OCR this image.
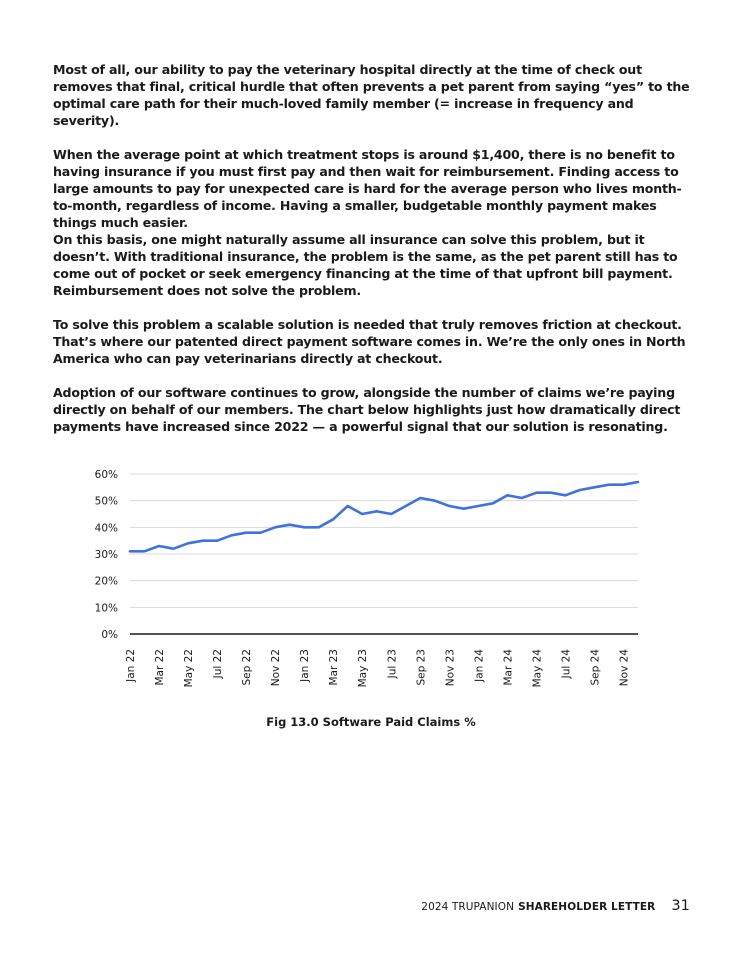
Most of all, our ability to pay the veterinary hospital directly at the time of check out removes that final, critical hurdle that often prevents a pet parent from saying “yes” to the optimal care path for their much-loved family member (= increase in frequency and severity).

When the average point at which treatment stops is around $1,400, there is no benefit to having insurance if you must first pay and then wait for reimbursement. Finding access to large amounts to pay for unexpected care is hard for the average person who lives month-to-month, regardless of income. Having a smaller, budgetable monthly payment makes things much easier.

On this basis, one might naturally assume all insurance can solve this problem, but it doesn’t. With traditional insurance, the problem is the same, as the pet parent still has to come out of pocket or seek emergency financing at the time of that upfront bill payment. Reimbursement does not solve the problem.

To solve this problem a scalable solution is needed that truly removes friction at checkout. That’s where our patented direct payment software comes in. We’re the only ones in North America who can pay veterinarians directly at checkout.

Adoption of our software continues to grow, alongside the number of claims we’re paying directly on behalf of our members. The chart below highlights just how dramatically direct payments have increased since 2022 — a powerful signal that our solution is resonating.

0%
10%
20%
30%
40%
50%
60%
Jan 22 Mar 22 May 22 Jul 22 Sep 22 Nov 22 Jan 23 Mar 23 May 23 Jul 23 Sep 23 Nov 23 Jan 24 Mar 24 May 24 Jul 24 Sep 24 Nov 24
Fig 13.0 Software Paid Claims %
2024 TRUPANION SHAREHOLDER LETTER 31
